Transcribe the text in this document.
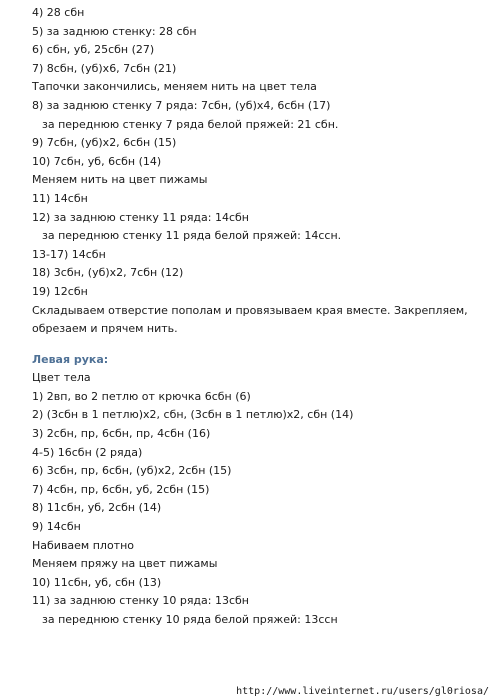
4) 28 сбн
5) за заднюю стенку: 28 сбн
6) сбн, уб, 25сбн (27)
7) 8сбн, (уб)х6, 7сбн (21)
Тапочки закончились, меняем нить на цвет тела
8) за заднюю стенку 7 ряда: 7сбн, (уб)х4, 6сбн (17)
за переднюю стенку 7 ряда белой пряжей: 21 сбн.
9) 7сбн, (уб)х2, 6сбн (15)
10) 7сбн, уб, 6сбн (14)
Меняем нить на цвет пижамы
11) 14сбн
12) за заднюю стенку 11 ряда: 14сбн
за переднюю стенку 11 ряда белой пряжей: 14ссн.
13-17) 14сбн
18) 3сбн, (уб)х2, 7сбн (12)
19) 12сбн
Складываем отверстие пополам и провязываем края вместе. Закрепляем, обрезаем и прячем нить.
Левая рука:
Цвет тела
1) 2вп, во 2 петлю от крючка 6сбн (6)
2) (3сбн в 1 петлю)х2, сбн, (3сбн в 1 петлю)х2, сбн (14)
3) 2сбн, пр, 6сбн, пр, 4сбн (16)
4-5) 16сбн (2 ряда)
6) 3сбн, пр, 6сбн, (уб)х2, 2сбн (15)
7) 4сбн, пр, 6сбн, уб, 2сбн (15)
8) 11сбн, уб, 2сбн (14)
9) 14сбн
Набиваем плотно
Меняем пряжу на цвет пижамы
10) 11сбн, уб, сбн (13)
11) за заднюю стенку 10 ряда: 13сбн
за переднюю стенку 10 ряда белой пряжей: 13ссн
http://www.liveinternet.ru/users/gl0riosa/
